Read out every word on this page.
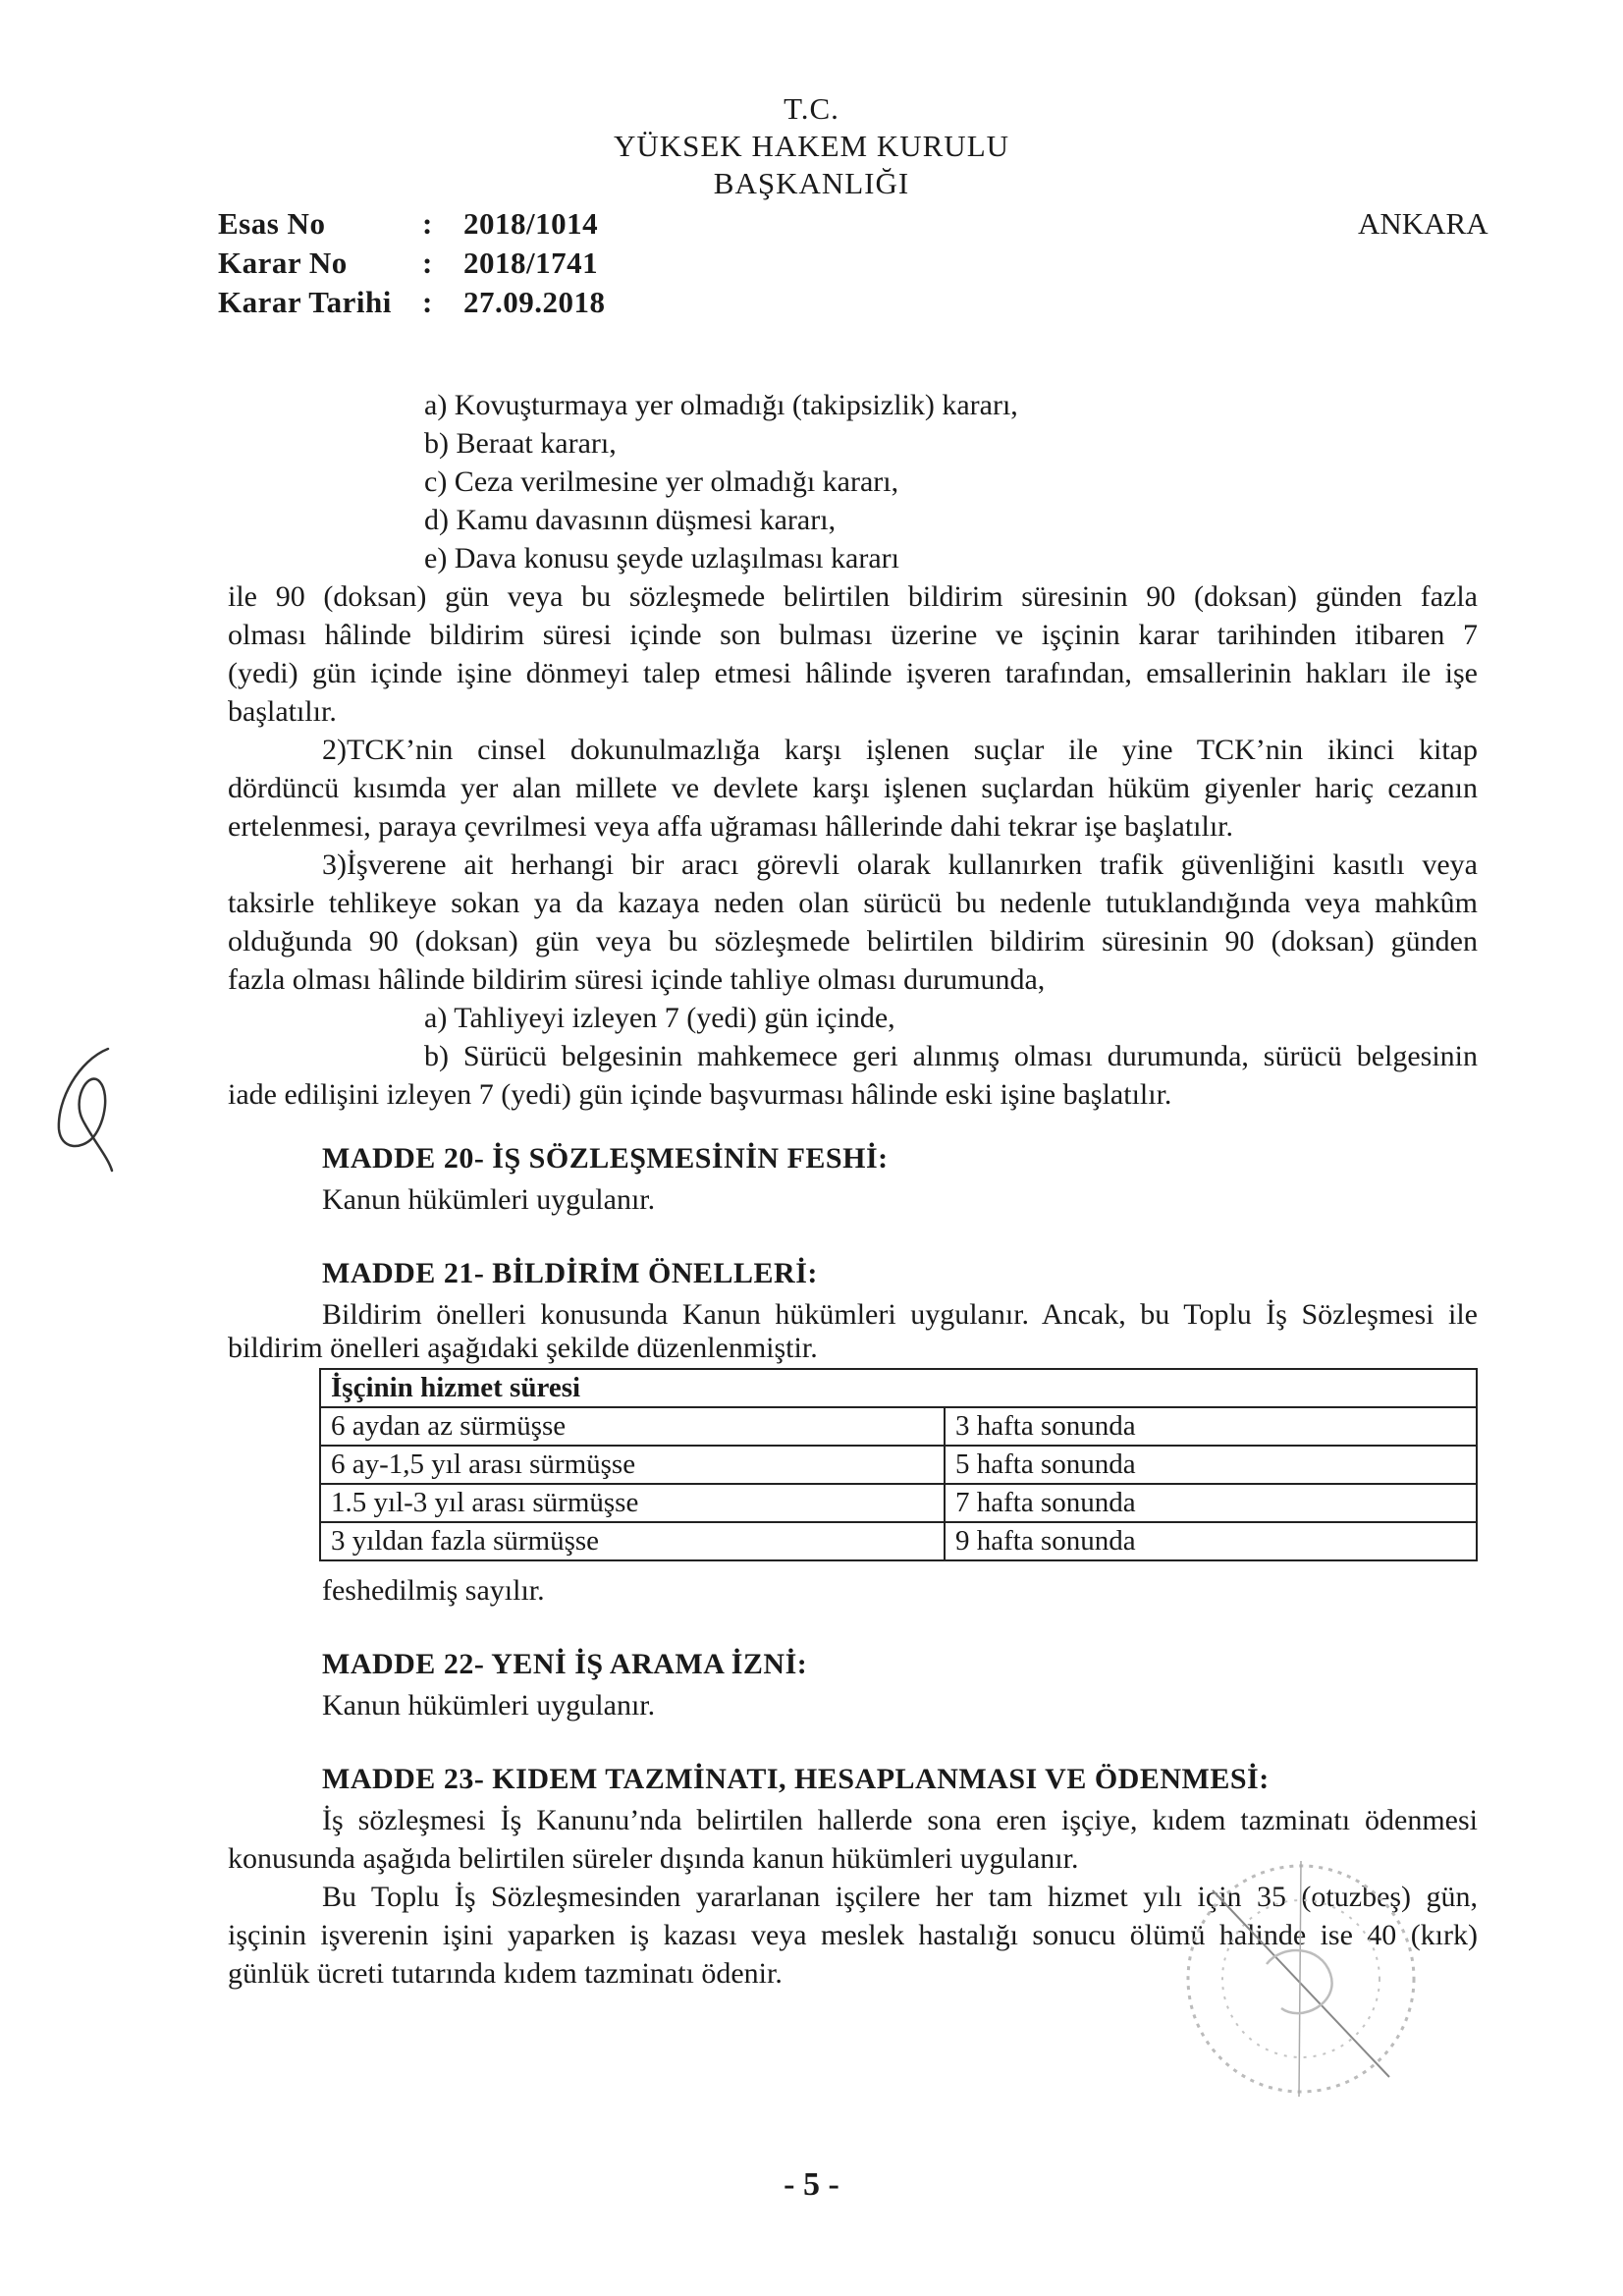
T.C.
YÜKSEK HAKEM KURULU
BAŞKANLIĞI
ANKARA
Esas No	: 2018/1014
Karar No : 2018/1741
Karar Tarihi : 27.09.2018
a) Kovuşturmaya yer olmadığı (takipsizlik) kararı,
b) Beraat kararı,
c) Ceza verilmesine yer olmadığı kararı,
d) Kamu davasının düşmesi kararı,
e) Dava konusu şeyde uzlaşılması kararı
ile 90 (doksan) gün veya bu sözleşmede belirtilen bildirim süresinin 90 (doksan) günden fazla
olması hâlinde bildirim süresi içinde son bulması üzerine ve işçinin karar tarihinden itibaren 7
(yedi) gün içinde işine dönmeyi talep etmesi hâlinde işveren tarafından, emsallerinin hakları ile işe
başlatılır.
2)TCK’nin cinsel dokunulmazlığa karşı işlenen suçlar ile yine TCK’nin ikinci kitap
dördüncü kısımda yer alan millete ve devlete karşı işlenen suçlardan hüküm giyenler hariç cezanın
ertelenmesi, paraya çevrilmesi veya affa uğraması hâllerinde dahi tekrar işe başlatılır.
3)İşverene ait herhangi bir aracı görevli olarak kullanırken trafik güvenliğini kasıtlı veya
taksirle tehlikeye sokan ya da kazaya neden olan sürücü bu nedenle tutuklandığında veya mahkûm
olduğunda 90 (doksan) gün veya bu sözleşmede belirtilen bildirim süresinin 90 (doksan) günden
fazla olması hâlinde bildirim süresi içinde tahliye olması durumunda,
a) Tahliyeyi izleyen 7 (yedi) gün içinde,
b) Sürücü belgesinin mahkemece geri alınmış olması durumunda, sürücü belgesinin
iade edilişini izleyen 7 (yedi) gün içinde başvurması hâlinde eski işine başlatılır.
MADDE 20- İŞ SÖZLEŞMESİNİN FESHİ:
Kanun hükümleri uygulanır.
MADDE 21- BİLDİRİM ÖNELLERİ:
Bildirim önelleri konusunda Kanun hükümleri uygulanır. Ancak, bu Toplu İş Sözleşmesi ile
bildirim önelleri aşağıdaki şekilde düzenlenmiştir.
İşçinin hizmet süresi	
6 aydan az sürmüşse	3 hafta sonunda
6 ay-1,5 yıl arası sürmüşse	5 hafta sonunda
1.5 yıl-3 yıl arası sürmüşse	7 hafta sonunda
3 yıldan fazla sürmüşse	9 hafta sonunda
feshedilmiş sayılır.
MADDE 22- YENİ İŞ ARAMA İZNİ:
Kanun hükümleri uygulanır.
MADDE 23- KIDEM TAZMİNATI, HESAPLANMASI VE ÖDENMESİ:
İş sözleşmesi İş Kanunu’nda belirtilen hallerde sona eren işçiye, kıdem tazminatı ödenmesi
konusunda aşağıda belirtilen süreler dışında kanun hükümleri uygulanır.
Bu Toplu İş Sözleşmesinden yararlanan işçilere her tam hizmet yılı için 35 (otuzbeş) gün,
işçinin işverenin işini yaparken iş kazası veya meslek hastalığı sonucu ölümü halinde ise 40 (kırk)
günlük ücreti tutarında kıdem tazminatı ödenir.
- 5 -
